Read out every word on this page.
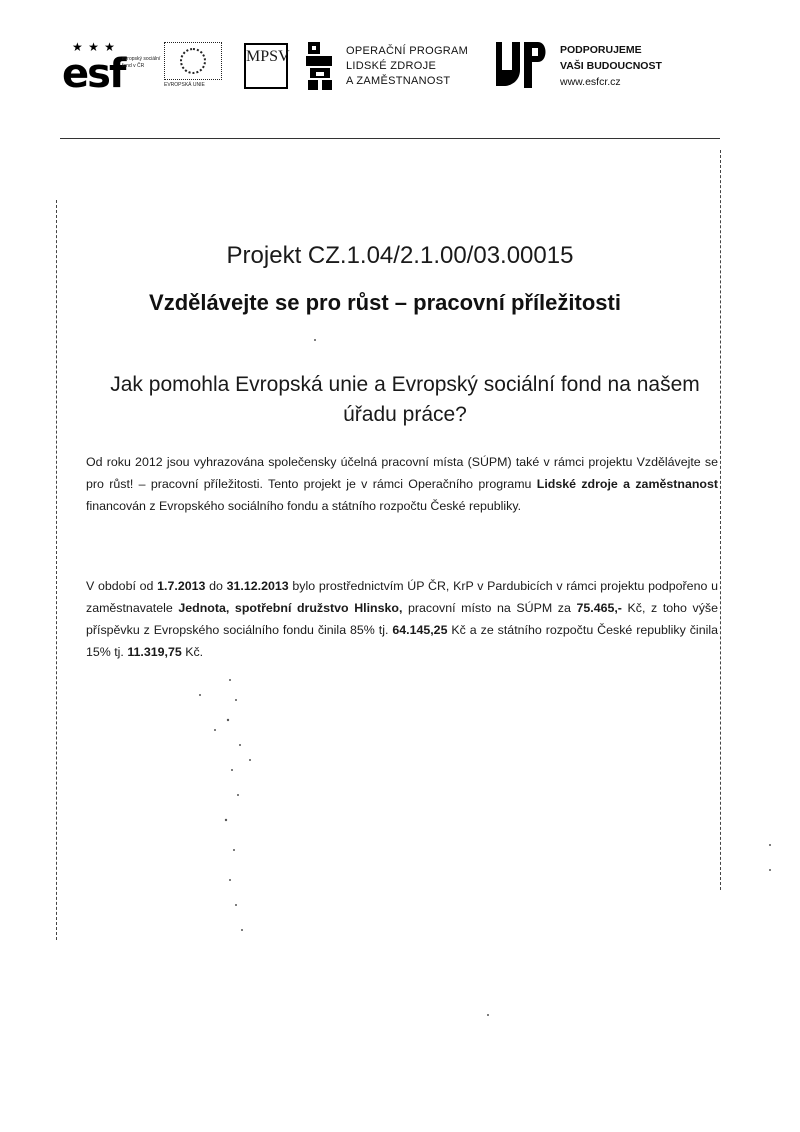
★ ★ ★
esf
evropský sociální fond v ČR
EVROPSKÁ UNIE
MPSV	OPERAČNÍ PROGRAM
LIDSKÉ ZDROJE
A ZAMĚSTNANOST
PODPORUJEME
VAŠI BUDOUCNOST
www.esfcr.cz
Projekt CZ.1.04/2.1.00/03.00015
Vzdělávejte se pro růst – pracovní příležitosti
Jak pomohla Evropská unie a Evropský sociální fond na našem úřadu práce?

Od roku 2012 jsou vyhrazována společensky účelná pracovní místa (SÚPM) také v rámci projektu Vzdělávejte se pro růst! – pracovní příležitosti. Tento projekt je v rámci Operačního programu Lidské zdroje a zaměstnanost financován z Evropského sociálního fondu a státního rozpočtu České republiky.

V období od 1.7.2013 do 31.12.2013 bylo prostřednictvím ÚP ČR, KrP v Pardubicích v rámci projektu podpořeno u zaměstnavatele Jednota, spotřební družstvo Hlinsko, pracovní místo na SÚPM za 75.465,- Kč, z toho výše příspěvku z Evropského sociálního fondu činila 85% tj. 64.145,25 Kč a ze státního rozpočtu České republiky činila 15% tj. 11.319,75 Kč.
